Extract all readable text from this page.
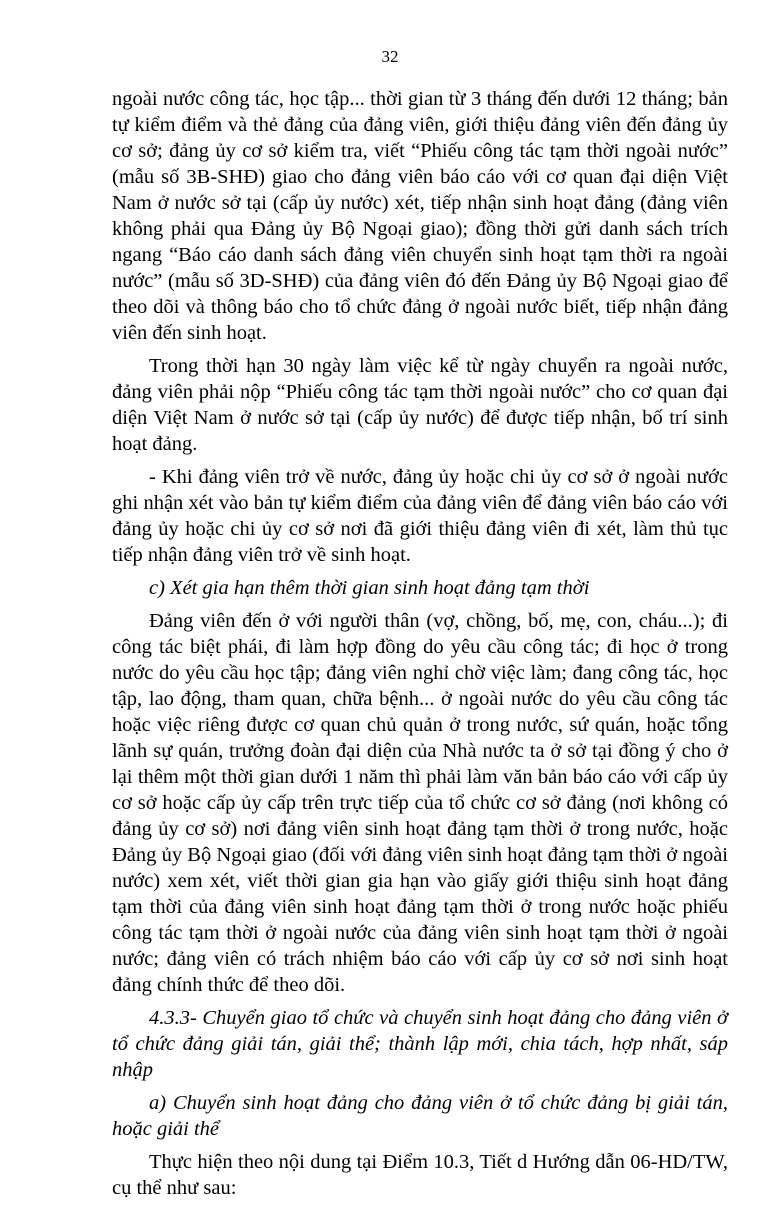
32

ngoài nước công tác, học tập... thời gian từ 3 tháng đến dưới 12 tháng; bản tự kiểm điểm và thẻ đảng của đảng viên, giới thiệu đảng viên đến đảng ủy cơ sở; đảng ủy cơ sở kiểm tra, viết “Phiếu công tác tạm thời ngoài nước” (mẫu số 3B-SHĐ) giao cho đảng viên báo cáo với cơ quan đại diện Việt Nam ở nước sở tại (cấp ủy nước) xét, tiếp nhận sinh hoạt đảng (đảng viên không phải qua Đảng ủy Bộ Ngoại giao); đồng thời gửi danh sách trích ngang “Báo cáo danh sách đảng viên chuyển sinh hoạt tạm thời ra ngoài nước” (mẫu số 3D-SHĐ) của đảng viên đó đến Đảng ủy Bộ Ngoại giao để theo dõi và thông báo cho tổ chức đảng ở ngoài nước biết, tiếp nhận đảng viên đến sinh hoạt.

Trong thời hạn 30 ngày làm việc kể từ ngày chuyển ra ngoài nước, đảng viên phải nộp “Phiếu công tác tạm thời ngoài nước” cho cơ quan đại diện Việt Nam ở nước sở tại (cấp ủy nước) để được tiếp nhận, bố trí sinh hoạt đảng.

- Khi đảng viên trở về nước, đảng ủy hoặc chi ủy cơ sở ở ngoài nước ghi nhận xét vào bản tự kiểm điểm của đảng viên để đảng viên báo cáo với đảng ủy hoặc chi ủy cơ sở nơi đã giới thiệu đảng viên đi xét, làm thủ tục tiếp nhận đảng viên trở về sinh hoạt.

c) Xét gia hạn thêm thời gian sinh hoạt đảng tạm thời

Đảng viên đến ở với người thân (vợ, chồng, bố, mẹ, con, cháu...); đi công tác biệt phái, đi làm hợp đồng do yêu cầu công tác; đi học ở trong nước do yêu cầu học tập; đảng viên nghỉ chờ việc làm; đang công tác, học tập, lao động, tham quan, chữa bệnh... ở ngoài nước do yêu cầu công tác hoặc việc riêng được cơ quan chủ quản ở trong nước, sứ quán, hoặc tổng lãnh sự quán, trưởng đoàn đại diện của Nhà nước ta ở sở tại đồng ý cho ở lại thêm một thời gian dưới 1 năm thì phải làm văn bản báo cáo với cấp ủy cơ sở hoặc cấp ủy cấp trên trực tiếp của tổ chức cơ sở đảng (nơi không có đảng ủy cơ sở) nơi đảng viên sinh hoạt đảng tạm thời ở trong nước, hoặc Đảng ủy Bộ Ngoại giao (đối với đảng viên sinh hoạt đảng tạm thời ở ngoài nước) xem xét, viết thời gian gia hạn vào giấy giới thiệu sinh hoạt đảng tạm thời của đảng viên sinh hoạt đảng tạm thời ở trong nước hoặc phiếu công tác tạm thời ở ngoài nước của đảng viên sinh hoạt tạm thời ở ngoài nước; đảng viên có trách nhiệm báo cáo với cấp ủy cơ sở nơi sinh hoạt đảng chính thức để theo dõi.

4.3.3- Chuyển giao tổ chức và chuyển sinh hoạt đảng cho đảng viên ở tổ chức đảng giải tán, giải thể; thành lập mới, chia tách, hợp nhất, sáp nhập

a) Chuyển sinh hoạt đảng cho đảng viên ở tổ chức đảng bị giải tán, hoặc giải thể

Thực hiện theo nội dung tại Điểm 10.3, Tiết d Hướng dẫn 06-HD/TW, cụ thể như sau:
